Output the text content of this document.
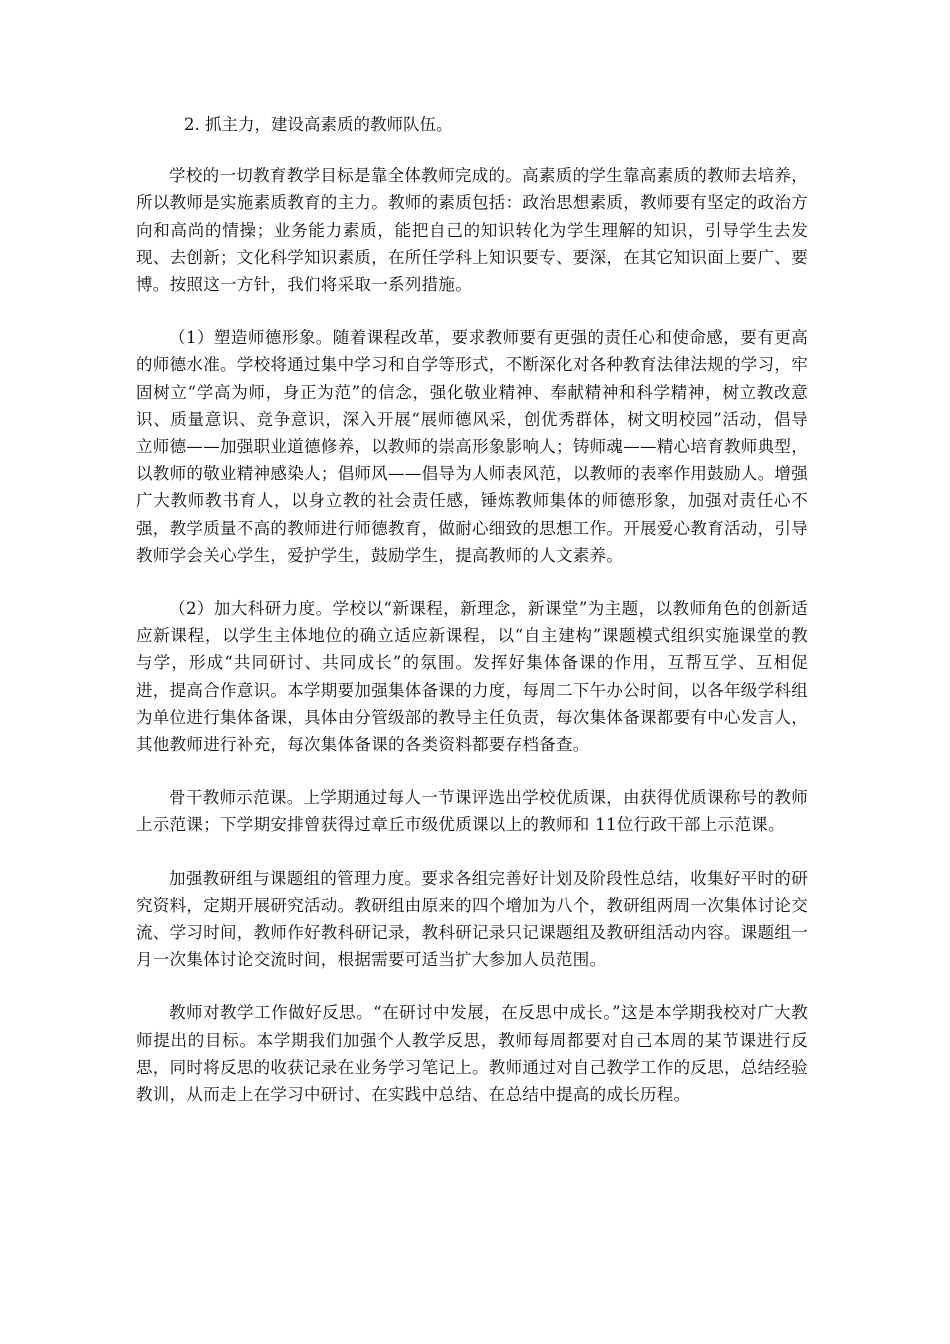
2. 抓主力，建设高素质的教师队伍。

学校的一切教育教学目标是靠全体教师完成的。高素质的学生靠高素质的教师去培养，所以教师是实施素质教育的主力。教师的素质包括：政治思想素质，教师要有坚定的政治方向和高尚的情操；业务能力素质，能把自己的知识转化为学生理解的知识，引导学生去发现、去创新；文化科学知识素质，在所任学科上知识要专、要深，在其它知识面上要广、要博。按照这一方针，我们将采取一系列措施。

（1）塑造师德形象。随着课程改革，要求教师要有更强的责任心和使命感，要有更高的师德水准。学校将通过集中学习和自学等形式，不断深化对各种教育法律法规的学习，牢固树立“学高为师，身正为范”的信念，强化敬业精神、奉献精神和科学精神，树立教改意识、质量意识、竞争意识，深入开展“展师德风采，创优秀群体，树文明校园”活动，倡导立师德——加强职业道德修养，以教师的崇高形象影响人；铸师魂——精心培育教师典型，以教师的敬业精神感染人；倡师风——倡导为人师表风范，以教师的表率作用鼓励人。增强广大教师教书育人，以身立教的社会责任感，锤炼教师集体的师德形象，加强对责任心不强，教学质量不高的教师进行师德教育，做耐心细致的思想工作。开展爱心教育活动，引导教师学会关心学生，爱护学生，鼓励学生，提高教师的人文素养。

（2）加大科研力度。学校以“新课程，新理念，新课堂”为主题，以教师角色的创新适应新课程，以学生主体地位的确立适应新课程，以“自主建构”课题模式组织实施课堂的教与学，形成“共同研讨、共同成长”的氛围。发挥好集体备课的作用，互帮互学、互相促进，提高合作意识。本学期要加强集体备课的力度，每周二下午办公时间，以各年级学科组为单位进行集体备课，具体由分管级部的教导主任负责，每次集体备课都要有中心发言人，其他教师进行补充，每次集体备课的各类资料都要存档备查。

骨干教师示范课。上学期通过每人一节课评选出学校优质课，由获得优质课称号的教师上示范课；下学期安排曾获得过章丘市级优质课以上的教师和 11位行政干部上示范课。

加强教研组与课题组的管理力度。要求各组完善好计划及阶段性总结，收集好平时的研究资料，定期开展研究活动。教研组由原来的四个增加为八个，教研组两周一次集体讨论交流、学习时间，教师作好教科研记录，教科研记录只记课题组及教研组活动内容。课题组一月一次集体讨论交流时间，根据需要可适当扩大参加人员范围。

教师对教学工作做好反思。“在研讨中发展，在反思中成长。”这是本学期我校对广大教师提出的目标。本学期我们加强个人教学反思，教师每周都要对自己本周的某节课进行反思，同时将反思的收获记录在业务学习笔记上。教师通过对自己教学工作的反思，总结经验教训，从而走上在学习中研讨、在实践中总结、在总结中提高的成长历程。
